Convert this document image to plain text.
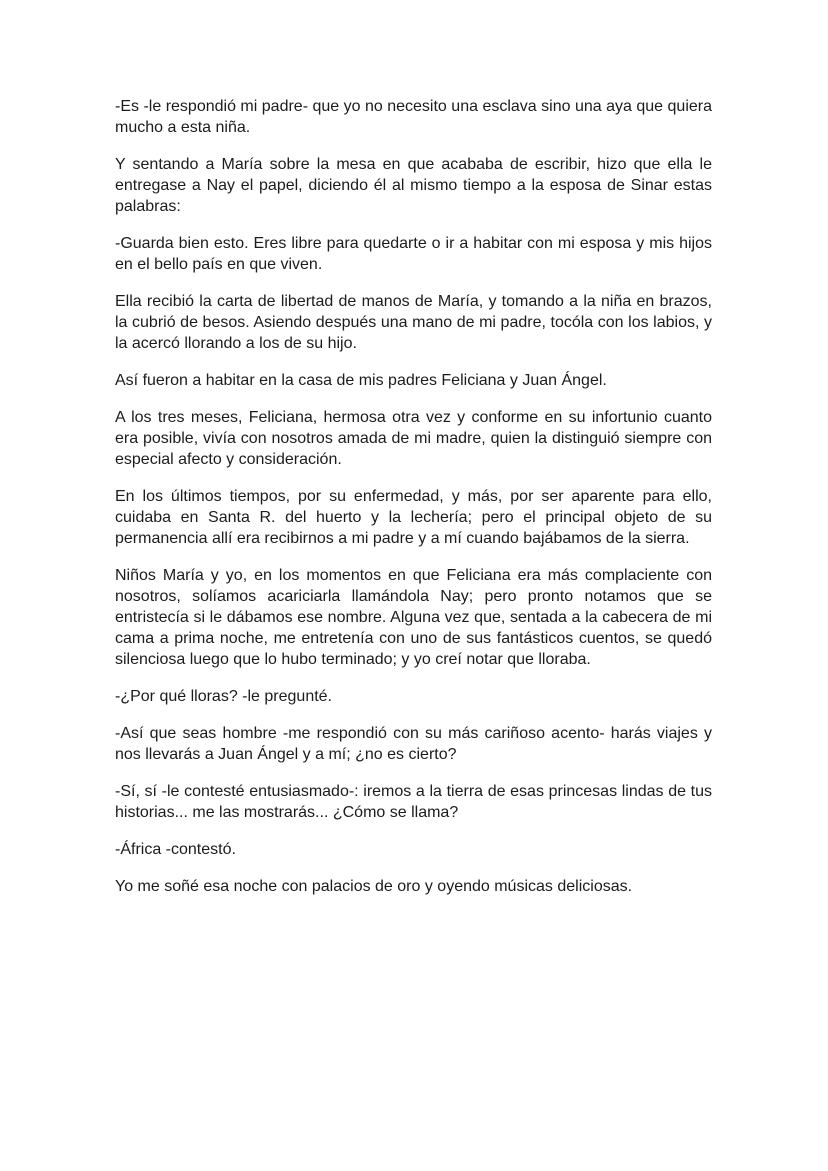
-Es -le respondió mi padre- que yo no necesito una esclava sino una aya que quiera mucho a esta niña.

Y sentando a María sobre la mesa en que acababa de escribir, hizo que ella le entregase a Nay el papel, diciendo él al mismo tiempo a la esposa de Sinar estas palabras:

-Guarda bien esto. Eres libre para quedarte o ir a habitar con mi esposa y mis hijos en el bello país en que viven.

Ella recibió la carta de libertad de manos de María, y tomando a la niña en brazos, la cubrió de besos. Asiendo después una mano de mi padre, tocóla con los labios, y la acercó llorando a los de su hijo.

Así fueron a habitar en la casa de mis padres Feliciana y Juan Ángel.

A los tres meses, Feliciana, hermosa otra vez y conforme en su infortunio cuanto era posible, vivía con nosotros amada de mi madre, quien la distinguió siempre con especial afecto y consideración.

En los últimos tiempos, por su enfermedad, y más, por ser aparente para ello, cuidaba en Santa R. del huerto y la lechería; pero el principal objeto de su permanencia allí era recibirnos a mi padre y a mí cuando bajábamos de la sierra.

Niños María y yo, en los momentos en que Feliciana era más complaciente con nosotros, solíamos acariciarla llamándola Nay; pero pronto notamos que se entristecía si le dábamos ese nombre. Alguna vez que, sentada a la cabecera de mi cama a prima noche, me entretenía con uno de sus fantásticos cuentos, se quedó silenciosa luego que lo hubo terminado; y yo creí notar que lloraba.

-¿Por qué lloras? -le pregunté.

-Así que seas hombre -me respondió con su más cariñoso acento- harás viajes y nos llevarás a Juan Ángel y a mí; ¿no es cierto?

-Sí, sí -le contesté entusiasmado-: iremos a la tierra de esas princesas lindas de tus historias... me las mostrarás... ¿Cómo se llama?

-África -contestó.

Yo me soñé esa noche con palacios de oro y oyendo músicas deliciosas.
